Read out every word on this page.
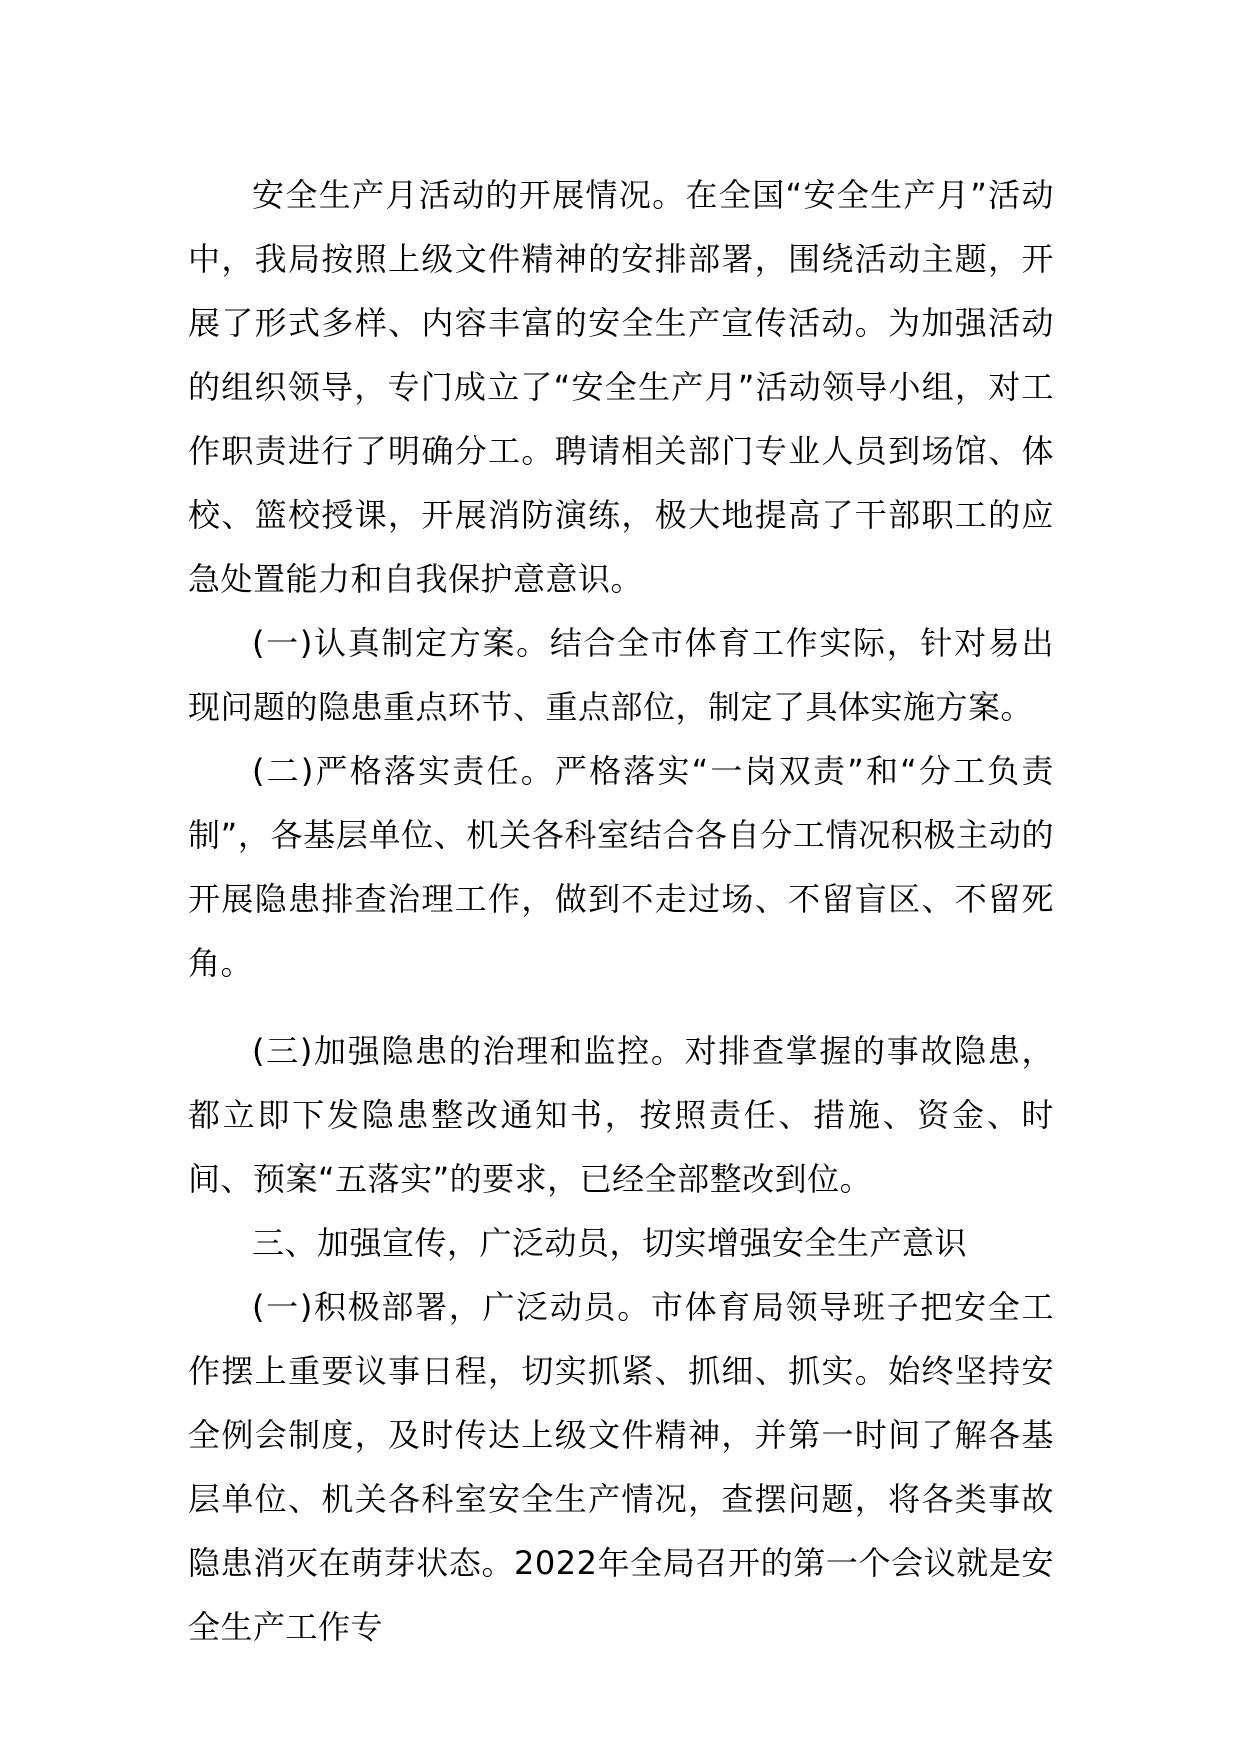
安全生产月活动的开展情况。在全国“安全生产月”活动中，我局按照上级文件精神的安排部署，围绕活动主题，开展了形式多样、内容丰富的安全生产宣传活动。为加强活动的组织领导，专门成立了“安全生产月”活动领导小组，对工作职责进行了明确分工。聘请相关部门专业人员到场馆、体校、篮校授课，开展消防演练，极大地提高了干部职工的应急处置能力和自我保护意意识。

(一)认真制定方案。结合全市体育工作实际，针对易出现问题的隐患重点环节、重点部位，制定了具体实施方案。

(二)严格落实责任。严格落实“一岗双责”和“分工负责制”，各基层单位、机关各科室结合各自分工情况积极主动的开展隐患排查治理工作，做到不走过场、不留盲区、不留死角。

(三)加强隐患的治理和监控。对排查掌握的事故隐患，都立即下发隐患整改通知书，按照责任、措施、资金、时间、预案“五落实”的要求，已经全部整改到位。

三、加强宣传，广泛动员，切实增强安全生产意识

(一)积极部署，广泛动员。市体育局领导班子把安全工作摆上重要议事日程，切实抓紧、抓细、抓实。始终坚持安全例会制度，及时传达上级文件精神，并第一时间了解各基层单位、机关各科室安全生产情况，查摆问题，将各类事故隐患消灭在萌芽状态。2022年全局召开的第一个会议就是安全生产工作专
